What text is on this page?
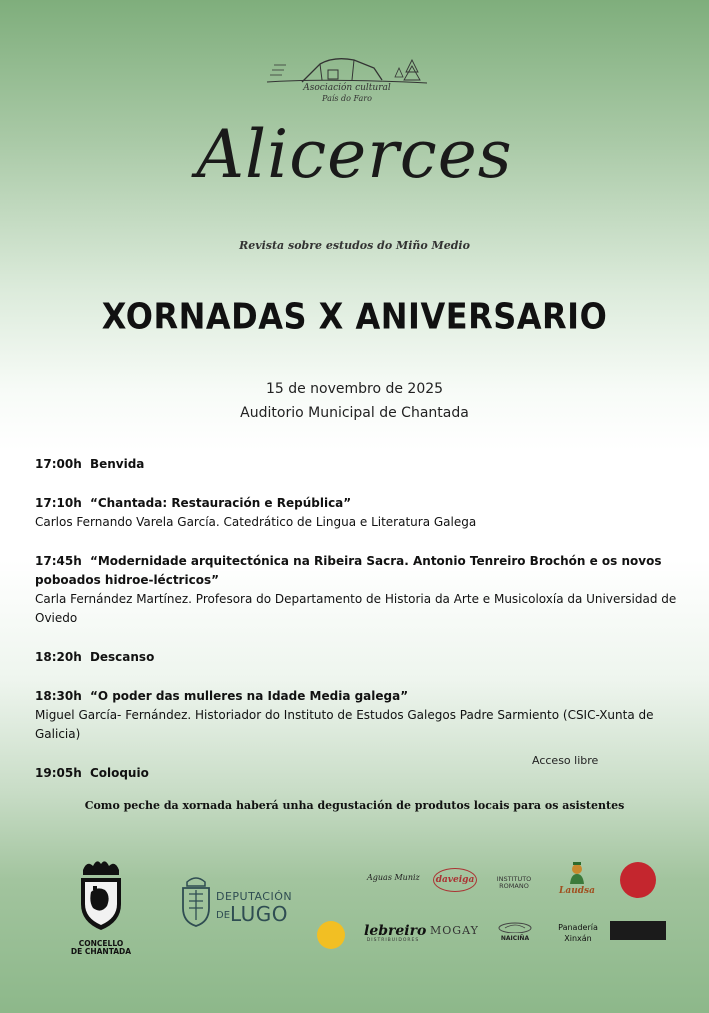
Asociación cultural
País do Faro
Alicerces
Revista sobre estudos do Miño Medio
XORNADAS X ANIVERSARIO
15 de novembro de 2025
Auditorio Municipal de Chantada
17:00h Benvida
17:10h “Chantada: Restauración e República”
Carlos Fernando Varela García. Catedrático de Lingua e Literatura Galega
17:45h “Modernidade arquitectónica na Ribeira Sacra. Antonio Tenreiro Brochón e os novos poboados hidroe-léctricos”
Carla Fernández Martínez. Profesora do Departamento de Historia da Arte e Musicoloxía da Universidad de Oviedo
18:20h Descanso
18:30h “O poder das mulleres na Idade Media galega”
Miguel García- Fernández. Historiador do Instituto de Estudos Galegos Padre Sarmiento (CSIC-Xunta de Galicia)
19:05h Coloquio
Acceso libre
Como peche da xornada haberá unha degustación de produtos locais para os asistentes
CONCELLO
DE CHANTADA
DEPUTACIÓN
DE LUGO
Aguas Muniz daveiga	INSTITUTO
ROMANO	Laudsa
lebreiro
DISTRIBUIDORES
MOGAY
NAICIÑA
Panadería
Xinxán
